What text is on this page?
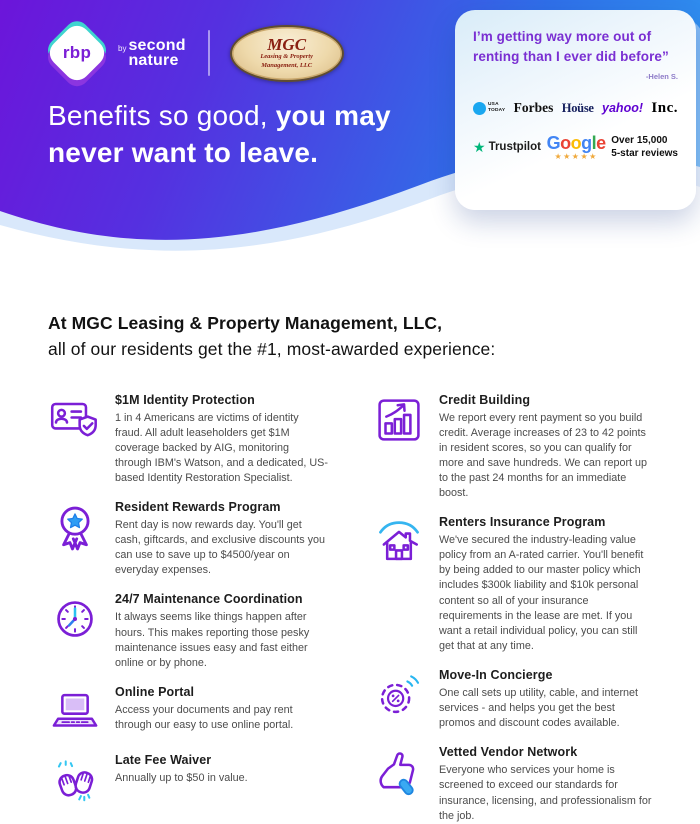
rbp	by second
nature
MGC
Leasing & Property
Management, LLC
Benefits so good, you may never want to leave.
I’m getting way more out of renting than I ever did before”
-Helen S.
USA
TODAY Forbes Hoüse yahoo! Inc.
★ Trustpilot Google
★★★★★
Over 15,000
5-star reviews
At MGC Leasing & Property Management, LLC,
all of our residents get the #1, most-awarded experience:
$1M Identity Protection
1 in 4 Americans are victims of identity fraud. All adult leaseholders get $1M coverage backed by AIG, monitoring through IBM's Watson, and a dedicated, US-based Identity Restoration Specialist.
Resident Rewards Program
Rent day is now rewards day. You'll get cash, giftcards, and exclusive discounts you can use to save up to $4500/year on everyday expenses.
24/7 Maintenance Coordination
It always seems like things happen after hours. This makes reporting those pesky maintenance issues easy and fast either online or by phone.
Online Portal
Access your documents and pay rent through our easy to use online portal.
Late Fee Waiver
Annually up to $50 in value.
Credit Building
We report every rent payment so you build credit. Average increases of 23 to 42 points in resident scores, so you can qualify for more and save hundreds. We can report up to the past 24 months for an immediate boost.
Renters Insurance Program
We've secured the industry-leading value policy from an A-rated carrier. You'll benefit by being added to our master policy which includes $300k liability and $10k personal content so all of your insurance requirements in the lease are met. If you want a retail individual policy, you can still get that at any time.
Move-In Concierge
One call sets up utility, cable, and internet services - and helps you get the best promos and discount codes available.
Vetted Vendor Network
Everyone who services your home is screened to exceed our standards for insurance, licensing, and professionalism for the job.
